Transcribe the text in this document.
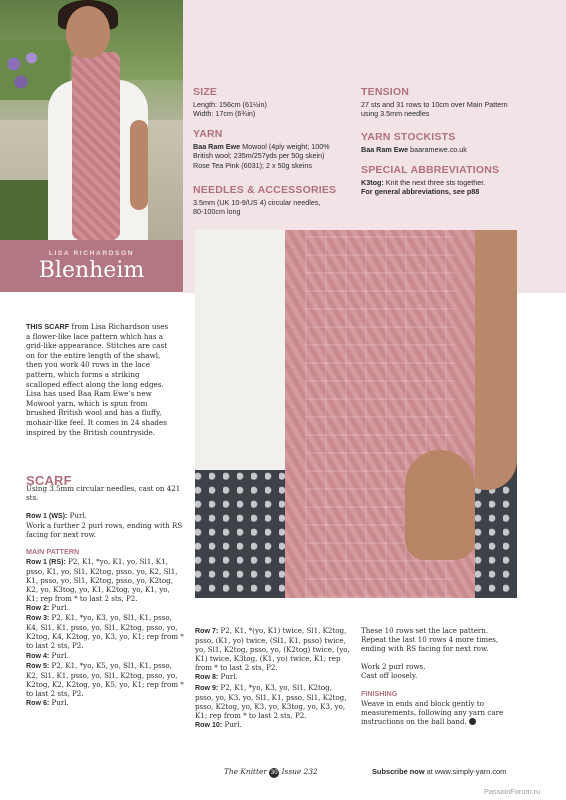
LISA RICHARDSON
Blenheim
THIS SCARF from Lisa Richardson uses a flower-like lace pattern which has a grid-like appearance. Stitches are cast on for the entire length of the shawl, then you work 40 rows in the lace pattern, which forms a striking scalloped effect along the long edges. Lisa has used Baa Ram Ewe’s new Mowool yarn, which is spun from brushed British wool and has a fluffy, mohair-like feel. It comes in 24 shades inspired by the British countryside.
SIZE
Length: 156cm (61½in)
Width: 17cm (6¾in)
YARN
Baa Ram Ewe Mowool (4ply weight; 100%
British wool; 235m/257yds per 50g skein)
Rose Tea Pink (6031); 2 x 50g skeins
NEEDLES & ACCESSORIES
3.5mm (UK 10-9/US 4) circular needles,
80-100cm long
TENSION
27 sts and 31 rows to 10cm over Main Pattern
using 3.5mm needles
YARN STOCKISTS
Baa Ram Ewe baaramewe.co.uk
SPECIAL ABBREVIATIONS
K3tog: Knit the next three sts together.
For general abbreviations, see p88
SCARF
Using 3.5mm circular needles, cast on 421 sts.
Row 1 (WS): Purl.
Work a further 2 purl rows, ending with RS facing for next row.
MAIN PATTERN
Row 1 (RS): P2, K1, *yo, K1, yo, Sl1, K1, psso, K1, yo, Sl1, K2tog, psso, yo, K2, Sl1, K1, psso, yo, Sl1, K2tog, psso, yo, K2tog, K2, yo, K3tog, yo, K1, K2tog, yo, K1, yo, K1; rep from * to last 2 sts, P2.
Row 2: Purl.
Row 3: P2, K1, *yo, K3, yo, Sl1, K1, psso, K4, Sl1, K1, psso, yo, Sl1, K2tog, psso, yo, K2tog, K4, K2tog, yo, K3, yo, K1; rep from * to last 2 sts, P2.
Row 4: Purl.
Row 5: P2, K1, *yo, K5, yo, Sl1, K1, psso, K2, Sl1, K1, psso, yo, Sl1, K2tog, psso, yo, K2tog, K2, K2tog, yo, K5, yo, K1; rep from * to last 2 sts, P2.
Row 6: Purl.
Row 7: P2, K1, *(yo, K1) twice, Sl1, K2tog, psso, (K1, yo) twice, (Sl1, K1, psso) twice, yo, Sl1, K2tog, psso, yo, (K2tog) twice, (yo, K1) twice, K3tog, (K1, yo) twice, K1; rep from * to last 2 sts, P2.
Row 8: Purl.
Row 9: P2, K1, *yo, K3, yo, Sl1, K2tog, psso, yo, K3, yo, Sl1, K1, psso, Sl1, K2tog, psso, K2tog, yo, K3, yo, K3tog, yo, K3, yo, K1; rep from * to last 2 sts, P2.
Row 10: Purl.
These 10 rows set the lace pattern. Repeat the last 10 rows 4 more times, ending with RS facing for next row.
Work 2 purl rows.
Cast off loosely.
FINISHING
Weave in ends and block gently to measurements, following any yarn care instructions on the ball band.
The Knitter 30 Issue 232	Subscribe now at www.simply-yarn.com
PassionForum.ru
